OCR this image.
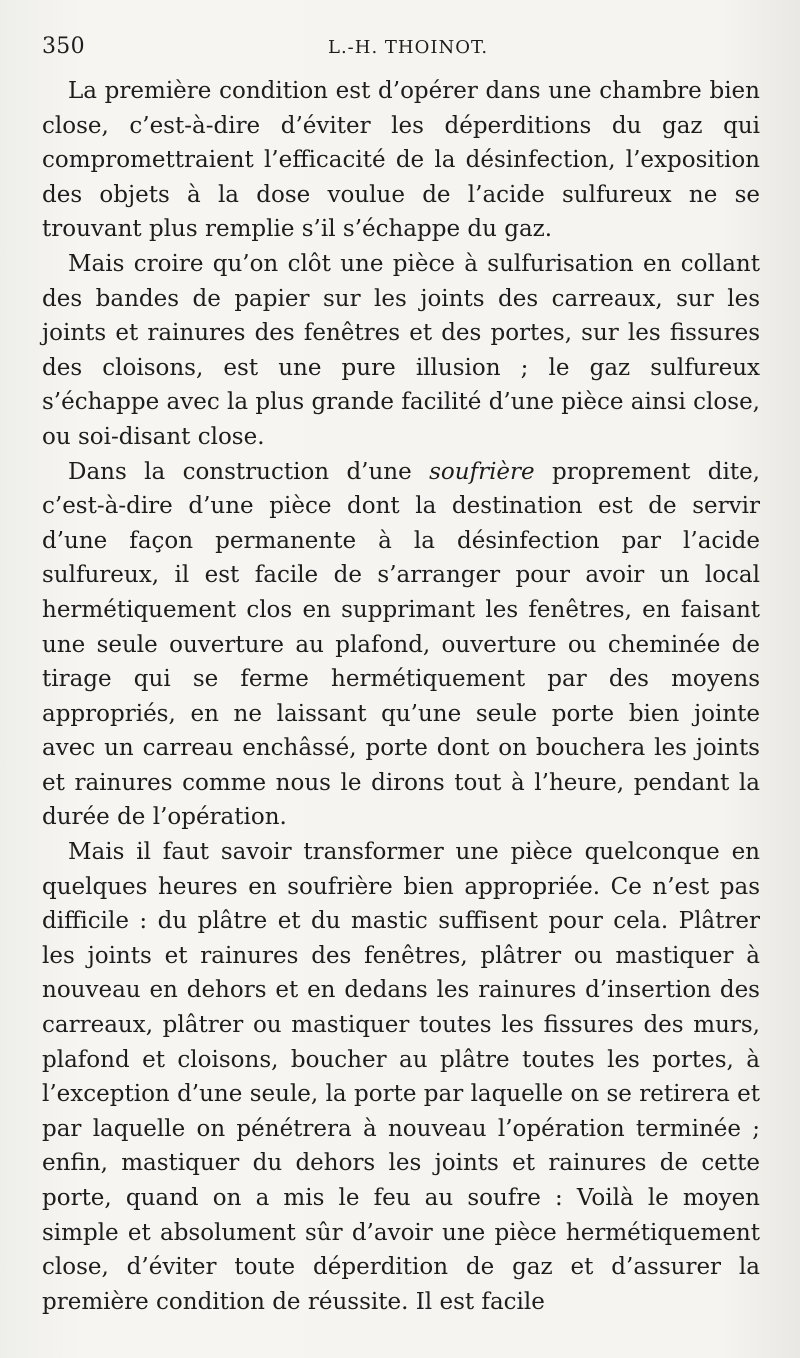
350	L.-H. THOINOT.

La première condition est d’opérer dans une chambre bien close, c’est-à-dire d’éviter les déperditions du gaz qui compromettraient l’efficacité de la désinfection, l’exposition des objets à la dose voulue de l’acide sulfureux ne se trouvant plus remplie s’il s’échappe du gaz.

Mais croire qu’on clôt une pièce à sulfurisation en collant des bandes de papier sur les joints des carreaux, sur les joints et rainures des fenêtres et des portes, sur les fissures des cloisons, est une pure illusion ; le gaz sulfureux s’échappe avec la plus grande facilité d’une pièce ainsi close, ou soi-disant close.

Dans la construction d’une soufrière proprement dite, c’est-à-dire d’une pièce dont la destination est de servir d’une façon permanente à la désinfection par l’acide sulfureux, il est facile de s’arranger pour avoir un local hermétiquement clos en supprimant les fenêtres, en faisant une seule ouverture au plafond, ouverture ou cheminée de tirage qui se ferme hermétiquement par des moyens appropriés, en ne laissant qu’une seule porte bien jointe avec un carreau enchâssé, porte dont on bouchera les joints et rainures comme nous le dirons tout à l’heure, pendant la durée de l’opération.

Mais il faut savoir transformer une pièce quelconque en quelques heures en soufrière bien appropriée. Ce n’est pas difficile : du plâtre et du mastic suffisent pour cela. Plâtrer les joints et rainures des fenêtres, plâtrer ou mastiquer à nouveau en dehors et en dedans les rainures d’insertion des carreaux, plâtrer ou mastiquer toutes les fissures des murs, plafond et cloisons, boucher au plâtre toutes les portes, à l’exception d’une seule, la porte par laquelle on se retirera et par laquelle on pénétrera à nouveau l’opération terminée ; enfin, mastiquer du dehors les joints et rainures de cette porte, quand on a mis le feu au soufre : Voilà le moyen simple et absolument sûr d’avoir une pièce hermétiquement close, d’éviter toute déperdition de gaz et d’assurer la première condition de réussite. Il est facile
